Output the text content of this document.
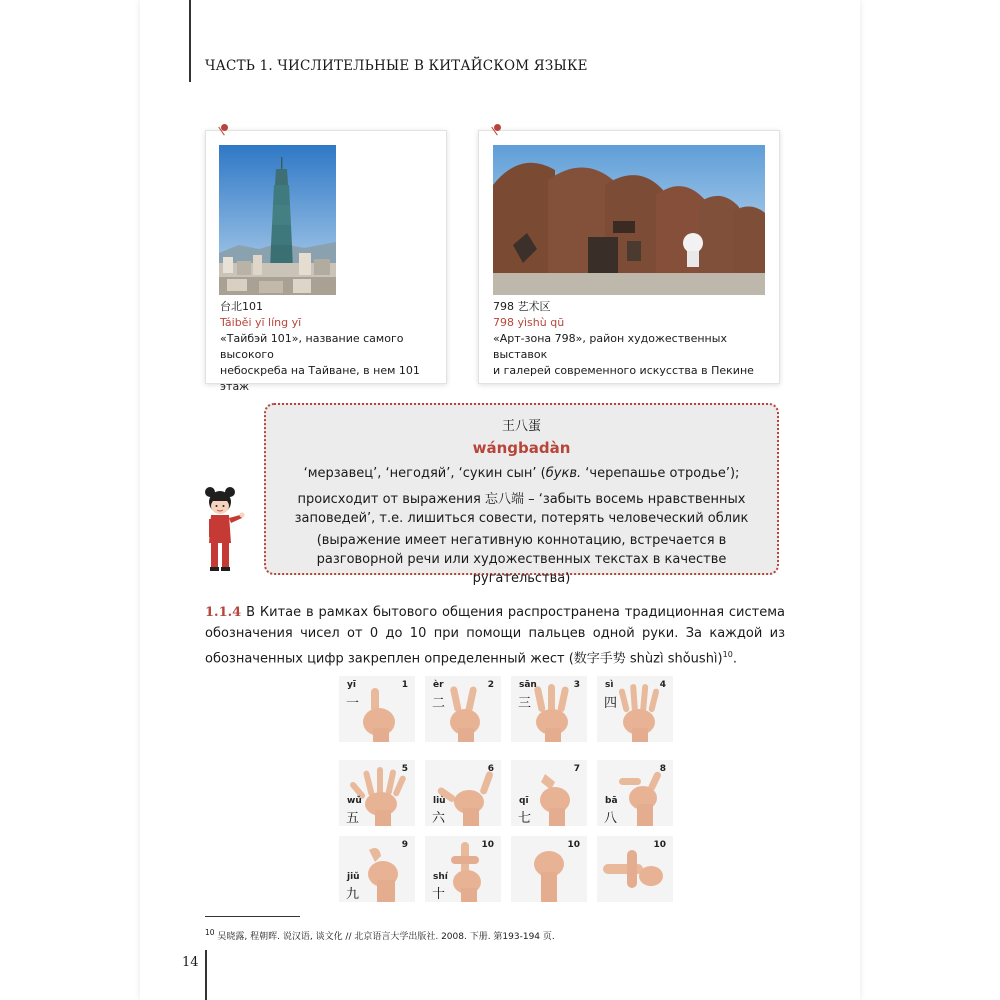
ЧАСТЬ 1. ЧИСЛИТЕЛЬНЫЕ В КИТАЙСКОМ ЯЗЫКЕ
台北101
Táiběi yī líng yī
«Тайбэй 101», название самого высокого
небоскреба на Тайване, в нем 101 этаж
798 艺术区
798 yìshù qū
«Арт-зона 798», район художественных выставок
и галерей современного искусства в Пекине
王八蛋
wángbadàn
‘мерзавец’, ‘негодяй’, ‘сукин сын’ (букв. ‘черепашье отродье’);
происходит от выражения 忘八端 – ‘забыть восемь нравственных заповедей’, т.е. лишиться совести, потерять человеческий облик
(выражение имеет негативную коннотацию, встречается в разговорной речи или художественных текстах в качестве ругательства)
1.1.4 В Китае в рамках бытового общения распространена традиционная система обозначения чисел от 0 до 10 при помощи пальцев одной руки. За каждой из обозначенных цифр закреплен определенный жест (数字手势 shùzì shǒushì)$^{10}$.
1
yī
一
2
èr
二
3
sān
三
4
sì
四
5
wǔ
五
6
liù
六
7
qī
七
8
bā
八
9
jiǔ
九
10
shí
十
10	10
$^{10}$ 吴晓露, 程朝晖. 说汉语, 谈文化 // 北京语言大学出版社. 2008. 下册. 第193-194 页.
14
